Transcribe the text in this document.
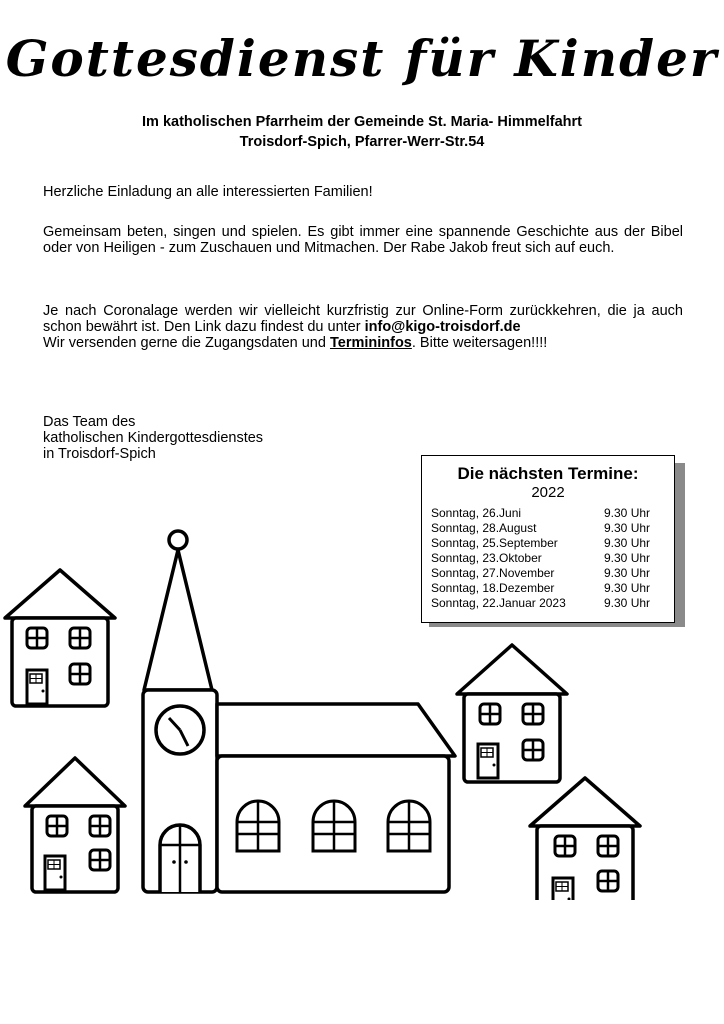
Gottesdienst für Kinder
Im katholischen Pfarrheim der Gemeinde St. Maria- Himmelfahrt
Troisdorf-Spich, Pfarrer-Werr-Str.54
Herzliche Einladung an alle interessierten Familien!
Gemeinsam beten, singen und spielen. Es gibt immer eine spannende Geschichte aus der Bibel oder von Heiligen - zum Zuschauen und Mitmachen. Der Rabe Jakob freut sich auf euch.
Je nach Coronalage werden wir vielleicht kurzfristig zur Online-Form zurückkehren, die ja auch schon bewährt ist. Den Link dazu findest du unter info@kigo-troisdorf.de
Wir versenden gerne die Zugangsdaten und Termininfos. Bitte weitersagen!!!!
Das Team des
katholischen Kindergottesdienstes
in Troisdorf-Spich
Die nächsten Termine:
2022
Sonntag, 26.Juni	9.30 Uhr
Sonntag, 28.August	9.30 Uhr
Sonntag, 25.September	9.30 Uhr
Sonntag, 23.Oktober	9.30 Uhr
Sonntag, 27.November	9.30 Uhr
Sonntag, 18.Dezember	9.30 Uhr
Sonntag, 22.Januar 2023	9.30 Uhr
